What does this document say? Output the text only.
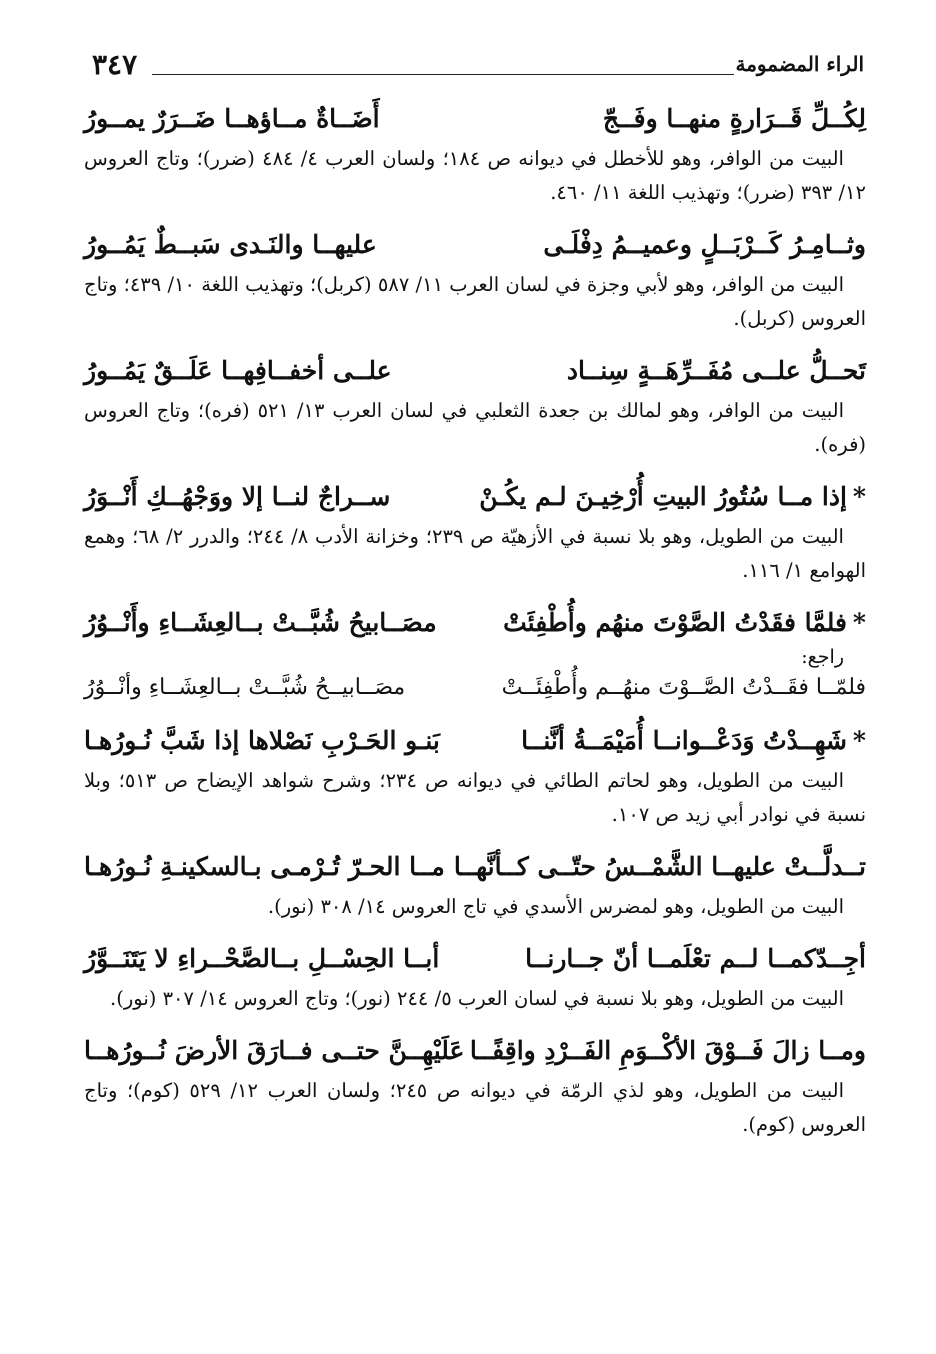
٣٤٧	الراء المضمومة
لِكُــلِّ قَــرَارةٍ منهــا وفَــجّ
أَضَــاةٌ مــاؤهــا ضَــرَرٌ يمــورُ

البيت من الوافر، وهو للأخطل في ديوانه ص ١٨٤؛ ولسان العرب ٤/ ٤٨٤ (ضرر)؛ وتاج العروس ١٢/ ٣٩٣ (ضرر)؛ وتهذيب اللغة ١١/ ٤٦٠.

وثــامِـرُ كَــرْبَــلٍ وعميــمُ دِفْلَـى
عليهــا والنَـدى سَبــطٌ يَمُــورُ

البيت من الوافر، وهو لأبي وجزة في لسان العرب ١١/ ٥٨٧ (كربل)؛ وتهذيب اللغة ١٠/ ٤٣٩؛ وتاج العروس (كربل).

تَحــلُّ علــى مُفَــرِّهَــةٍ سِنــاد
علــى أخفــافِهــا عَلَــقٌ يَمُــورُ

البيت من الوافر، وهو لمالك بن جعدة الثعلبي في لسان العرب ١٣/ ٥٢١ (فره)؛ وتاج العروس (فره).

*إذا مــا سُتُورُ البيتِ أُرْخِيـنَ لـم يكُـنْ
ســراجٌ لنــا إلا ووَجْهُــكِ أَنْــوَرُ

البيت من الطويل، وهو بلا نسبة في الأزهيّة ص ٢٣٩؛ وخزانة الأدب ٨/ ٢٤٤؛ والدرر ٢/ ٦٨؛ وهمع الهوامع ١/ ١١٦.

*فلمَّا فقَدْتُ الصَّوْتَ منهُم وأُطْفِئَتْ
مصَــابيحُ شُبَّــتْ بــالعِشَــاءِ وأَنْــوُرُ
راجع:
فلمّــا فقَــدْتُ الصَّــوْتَ منهُــم وأُطْفِئَــتْ
مصَــابيــحُ شُبَّــتْ بــالعِشَــاءِ وأنْــوُرُ
*شَهِــدْتُ وَدَعْــوانــا أُمَيْمَــةُ أنَّنــا
بَنـو الحَـرْبِ نَصْلاها إذا شَبَّ نُـورُهـا

البيت من الطويل، وهو لحاتم الطائي في ديوانه ص ٢٣٤؛ وشرح شواهد الإيضاح ص ٥١٣؛ وبلا نسبة في نوادر أبي زيد ص ١٠٧.

تــدلَّــتْ عليهــا الشَّمْــسُ حتّــى كــأنَّهــا
مــا الحـرّ تُـرْمـى بـالسكينـةِ نُـورُهـا

البيت من الطويل، وهو لمضرس الأسدي في تاج العروس ١٤/ ٣٠٨ (نور).

أجِــدّكمــا لــم تعْلَمــا أنّ جــارنــا
أبــا الحِسْــلِ بــالصَّحْــراءِ لا يَتَنَــوَّرُ

البيت من الطويل، وهو بلا نسبة في لسان العرب ٥/ ٢٤٤ (نور)؛ وتاج العروس ١٤/ ٣٠٧ (نور).

ومــا زالَ فَــوْقَ الأكْــوَمِ الفَــرْدِ واقِفًــا
عَلَيْهِــنَّ حتــى فــارَقَ الأرضَ نُــورُهــا

البيت من الطويل، وهو لذي الرمّة في ديوانه ص ٢٤٥؛ ولسان العرب ١٢/ ٥٢٩ (كوم)؛ وتاج العروس (كوم).
